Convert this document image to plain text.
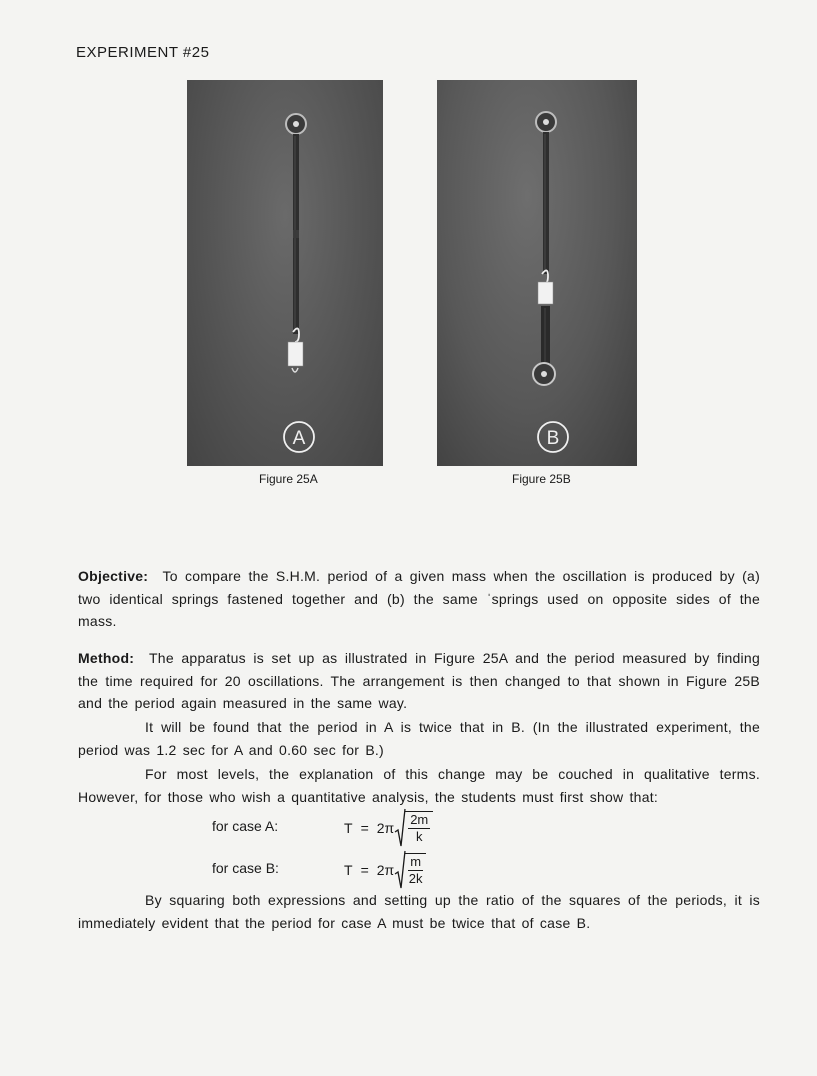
EXPERIMENT #25
A	B
Figure 25A	Figure 25B
Objective: To compare the S.H.M. period of a given mass when the oscillation is produced by (a) two identical springs fastened together and (b) the same ˈsprings used on opposite sides of the mass.
Method: The apparatus is set up as illustrated in Figure 25A and the period measured by finding the time required for 20 oscillations. The arrangement is then changed to that shown in Figure 25B and the period again measured in the same way.
It will be found that the period in A is twice that in B. (In the illustrated experiment, the period was 1.2 sec for A and 0.60 sec for B.)
For most levels, the explanation of this change may be couched in qualitative terms. However, for those who wish a quantitative analysis, the students must first show that:
for case A:	$T = 2\pi \frac{2m}{k}$
for case B:	$T = 2\pi \frac{m}{2k}$
By squaring both expressions and setting up the ratio of the squares of the periods, it is immediately evident that the period for case A must be twice that of case B.
